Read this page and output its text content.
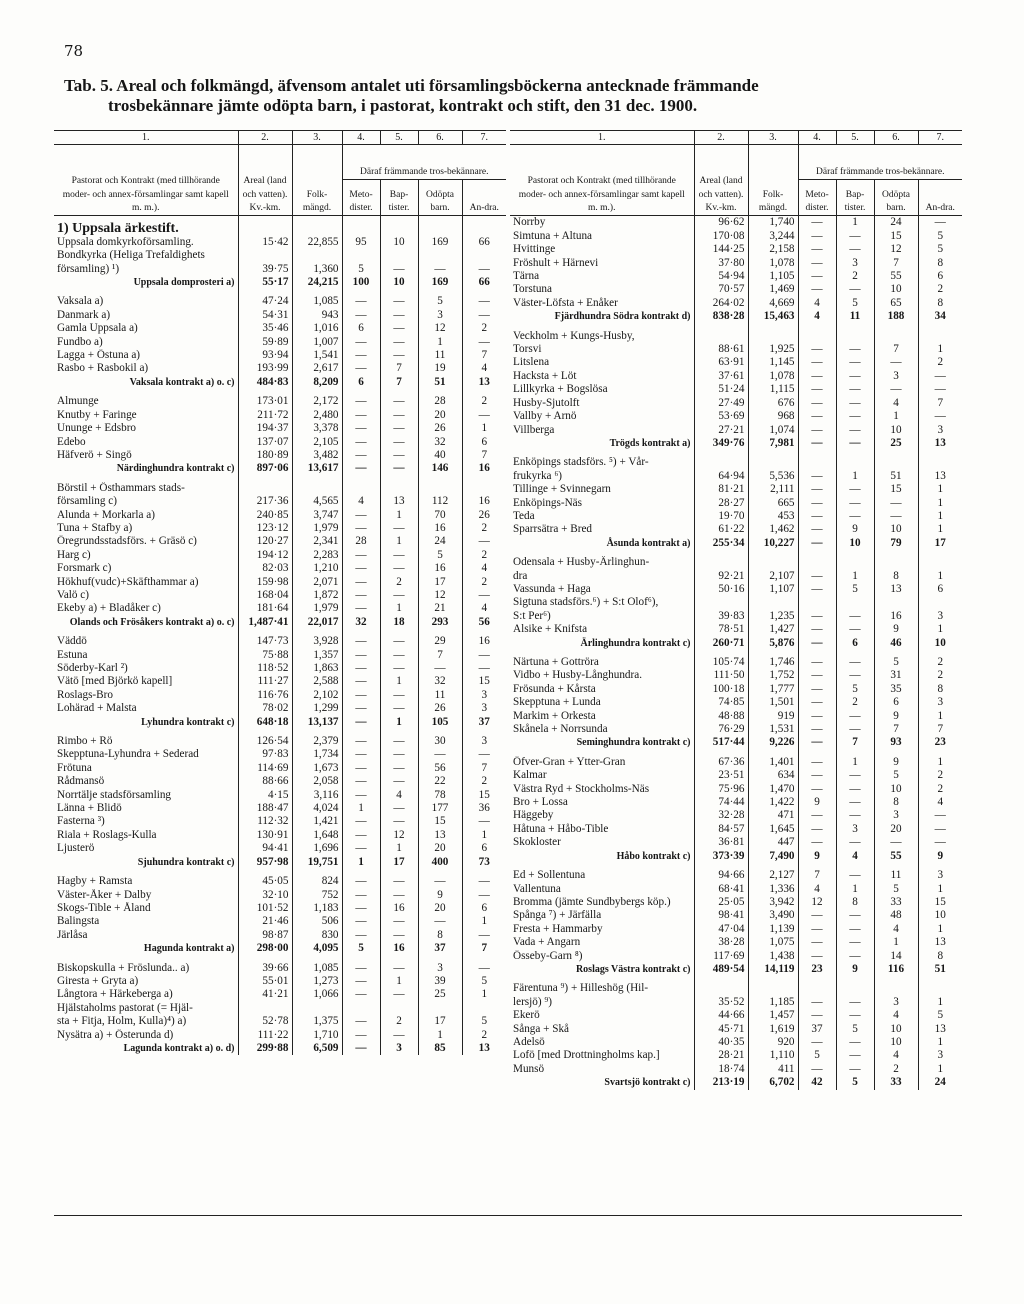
78
Tab. 5. Areal och folkmängd, äfvensom antalet uti församlingsböckerna antecknade främmande
trosbekännare jämte odöpta barn, i pastorat, kontrakt och stift, den 31 dec. 1900.
1.	2.	3.	4.	5.	6.	7.
Pastorat och Kontrakt (med tillhörande moder- och annex-församlingar samt kapell m. m.).	Areal (land och vatten). Kv.-km.	Folk-mängd.	Däraf främmande tros-bekännare.			
			Meto-dister.	Bap-tister.	Odöpta barn.	An-dra.
1) Uppsala ärkestift.						
Uppsala domkyrkoförsamling.	15·42	22,855	95	10	169	66
Bondkyrka (Heliga Trefaldighets						
församling) ¹)	39·75	1,360	5	—	—	—
Uppsala domprosteri a)	55·17	24,215	100	10	169	66

Vaksala a)	47·24	1,085	—	—	5	—
Danmark a)	54·31	943	—	—	3	—
Gamla Uppsala a)	35·46	1,016	6	—	12	2
Fundbo a)	59·89	1,007	—	—	1	—
Lagga + Östuna a)	93·94	1,541	—	—	11	7
Rasbo + Rasbokil a)	193·99	2,617	—	7	19	4
Vaksala kontrakt a) o. c)	484·83	8,209	6	7	51	13

Almunge	173·01	2,172	—	—	28	2
Knutby + Faringe	211·72	2,480	—	—	20	—
Ununge + Edsbro	194·37	3,378	—	—	26	1
Edebo	137·07	2,105	—	—	32	6
Häfverö + Singö	180·89	3,482	—	—	40	7
Närdinghundra kontrakt c)	897·06	13,617	—	—	146	16

Börstil + Östhammars stads-						
församling c)	217·36	4,565	4	13	112	16
Alunda + Morkarla a)	240·85	3,747	—	1	70	26
Tuna + Stafby a)	123·12	1,979	—	—	16	2
Öregrundsstadsförs. + Gräsö c)	120·27	2,341	28	1	24	—
Harg c)	194·12	2,283	—	—	5	2
Forsmark c)	82·03	1,210	—	—	16	4
Hökhuf(vudc)+Skäfthammar a)	159·98	2,071	—	2	17	2
Valö c)	168·04	1,872	—	—	12	—
Ekeby a) + Bladåker c)	181·64	1,979	—	1	21	4
Olands och Frösåkers kontrakt a) o. c)	1,487·41	22,017	32	18	293	56

Väddö	147·73	3,928	—	—	29	16
Estuna	75·88	1,357	—	—	7	—
Söderby-Karl ²)	118·52	1,863	—	—	—	—
Vätö [med Björkö kapell]	111·27	2,588	—	1	32	15
Roslags-Bro	116·76	2,102	—	—	11	3
Lohärad + Malsta	78·02	1,299	—	—	26	3
Lyhundra kontrakt c)	648·18	13,137	—	1	105	37

Rimbo + Rö	126·54	2,379	—	—	30	3
Skepptuna-Lyhundra + Sederad	97·83	1,734	—	—	—	—
Frötuna	114·69	1,673	—	—	56	7
Rådmansö	88·66	2,058	—	—	22	2
Norrtälje stadsförsamling	4·15	3,116	—	4	78	15
Länna + Blidö	188·47	4,024	1	—	177	36
Fasterna ³)	112·32	1,421	—	—	15	—
Riala + Roslags-Kulla	130·91	1,648	—	12	13	1
Ljusterö	94·41	1,696	—	1	20	6
Sjuhundra kontrakt c)	957·98	19,751	1	17	400	73

Hagby + Ramsta	45·05	824	—	—	—	—
Väster-Åker + Dalby	32·10	752	—	—	9	—
Skogs-Tible + Åland	101·52	1,183	—	16	20	6
Balingsta	21·46	506	—	—	—	1
Järlåsa	98·87	830	—	—	8	—
Hagunda kontrakt a)	298·00	4,095	5	16	37	7

Biskopskulla + Fröslunda.. a)	39·66	1,085	—	—	3	—
Giresta + Gryta a)	55·01	1,273	—	1	39	5
Långtora + Härkeberga a)	41·21	1,066	—	—	25	1
Hjälstaholms pastorat (= Hjäl-						
sta + Fitja, Holm, Kulla)⁴) a)	52·78	1,375	—	2	17	5
Nysätra a) + Österunda d)	111·22	1,710	—	—	1	2
Lagunda kontrakt a) o. d)	299·88	6,509	—	3	85	13
1.	2.	3.	4.	5.	6.	7.
Pastorat och Kontrakt (med tillhörande moder- och annex-församlingar samt kapell m. m.).	Areal (land och vatten). Kv.-km.	Folk-mängd.	Däraf främmande tros-bekännare.			
			Meto-dister.	Bap-tister.	Odöpta barn.	An-dra.
Norrby	96·62	1,740	—	1	24	—
Simtuna + Altuna	170·08	3,244	—	—	15	5
Hvittinge	144·25	2,158	—	—	12	5
Fröshult + Härnevi	37·80	1,078	—	3	7	8
Tärna	54·94	1,105	—	2	55	6
Torstuna	70·57	1,469	—	—	10	2
Väster-Löfsta + Enåker	264·02	4,669	4	5	65	8
Fjärdhundra Södra kontrakt d)	838·28	15,463	4	11	188	34

Veckholm + Kungs-Husby,						
Torsvi	88·61	1,925	—	—	7	1
Litslena	63·91	1,145	—	—	—	2
Hacksta + Löt	37·61	1,078	—	—	3	—
Lillkyrka + Bogslösa	51·24	1,115	—	—	—	—
Husby-Sjutolft	27·49	676	—	—	4	7
Vallby + Arnö	53·69	968	—	—	1	—
Villberga	27·21	1,074	—	—	10	3
Trögds kontrakt a)	349·76	7,981	—	—	25	13

Enköpings stadsförs. ⁵) + Vår-						
frukyrka ⁶)	64·94	5,536	—	1	51	13
Tillinge + Svinnegarn	81·21	2,111	—	—	15	1
Enköpings-Näs	28·27	665	—	—	—	1
Teda	19·70	453	—	—	—	1
Sparrsätra + Bred	61·22	1,462	—	9	10	1
Åsunda kontrakt a)	255·34	10,227	—	10	79	17

Odensala + Husby-Ärlinghun-						
dra	92·21	2,107	—	1	8	1
Vassunda + Haga	50·16	1,107	—	5	13	6
Sigtuna stadsförs.⁶) + S:t Olof⁶),						
S:t Per⁶)	39·83	1,235	—	—	16	3
Alsike + Knifsta	78·51	1,427	—	—	9	1
Ärlinghundra kontrakt c)	260·71	5,876	—	6	46	10

Närtuna + Gottröra	105·74	1,746	—	—	5	2
Vidbo + Husby-Långhundra.	111·50	1,752	—	—	31	2
Frösunda + Kårsta	100·18	1,777	—	5	35	8
Skepptuna + Lunda	74·85	1,501	—	2	6	3
Markim + Orkesta	48·88	919	—	—	9	1
Skånela + Norrsunda	76·29	1,531	—	—	7	7
Seminghundra kontrakt c)	517·44	9,226	—	7	93	23

Öfver-Gran + Ytter-Gran	67·36	1,401	—	1	9	1
Kalmar	23·51	634	—	—	5	2
Västra Ryd + Stockholms-Näs	75·96	1,470	—	—	10	2
Bro + Lossa	74·44	1,422	9	—	8	4
Häggeby	32·28	471	—	—	3	—
Håtuna + Håbo-Tible	84·57	1,645	—	3	20	—
Skokloster	36·81	447	—	—	—	—
Håbo kontrakt c)	373·39	7,490	9	4	55	9

Ed + Sollentuna	94·66	2,127	7	—	11	3
Vallentuna	68·41	1,336	4	1	5	1
Bromma (jämte Sundbybergs köp.)	25·05	3,942	12	8	33	15
Spånga ⁷) + Järfälla	98·41	3,490	—	—	48	10
Fresta + Hammarby	47·04	1,139	—	—	4	1
Vada + Angarn	38·28	1,075	—	—	1	13
Össeby-Garn ⁸)	117·69	1,438	—	—	14	8
Roslags Västra kontrakt c)	489·54	14,119	23	9	116	51

Färentuna ⁹) + Hilleshög (Hil-						
lersjö) ⁹)	35·52	1,185	—	—	3	1
Ekerö	44·66	1,457	—	—	4	5
Sånga + Skå	45·71	1,619	37	5	10	13
Adelsö	40·35	920	—	—	10	1
Lofö [med Drottningholms kap.]	28·21	1,110	5	—	4	3
Munsö	18·74	411	—	—	2	1
Svartsjö kontrakt c)	213·19	6,702	42	5	33	24
